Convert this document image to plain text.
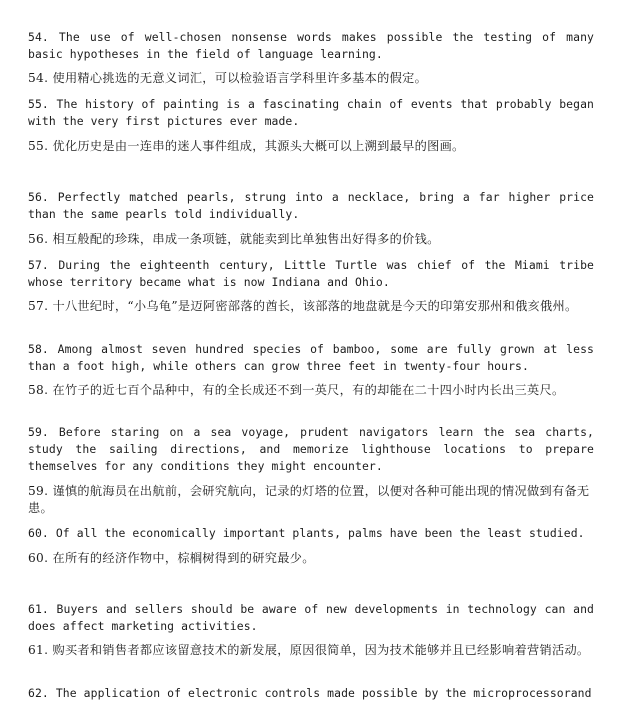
54. The use of well-chosen nonsense words makes possible the testing of many basic hypotheses in the field of language learning.

54. 使用精心挑选的无意义词汇，可以检验语言学科里许多基本的假定。

55. The history of painting is a fascinating chain of events that probably began with the very first pictures ever made.

55. 优化历史是由一连串的迷人事件组成，其源头大概可以上溯到最早的图画。

56. Perfectly matched pearls, strung into a necklace, bring a far higher price than the same pearls told individually.

56. 相互般配的珍珠，串成一条项链，就能卖到比单独售出好得多的价钱。

57. During the eighteenth century, Little Turtle was chief of the Miami tribe whose territory became what is now Indiana and Ohio.

57. 十八世纪时，“小乌龟”是迈阿密部落的酋长，该部落的地盘就是今天的印第安那州和俄亥俄州。

58. Among almost seven hundred species of bamboo, some are fully grown at less than a foot high, while others can grow three feet in twenty-four hours.

58. 在竹子的近七百个品种中，有的全长成还不到一英尺，有的却能在二十四小时内长出三英尺。

59. Before staring on a sea voyage, prudent navigators learn the sea charts, study the sailing directions, and memorize lighthouse locations to prepare themselves for any conditions they might encounter.

59. 谨慎的航海员在出航前，会研究航向，记录的灯塔的位置，以便对各种可能出现的情况做到有备无患。

60. Of all the economically important plants, palms have been the least studied.

60. 在所有的经济作物中，棕榈树得到的研究最少。

61. Buyers and sellers should be aware of new developments in technology can and does affect marketing activities.

61. 购买者和销售者都应该留意技术的新发展，原因很简单，因为技术能够并且已经影响着营销活动。

62. The application of electronic controls made possible by the microprocessorand
